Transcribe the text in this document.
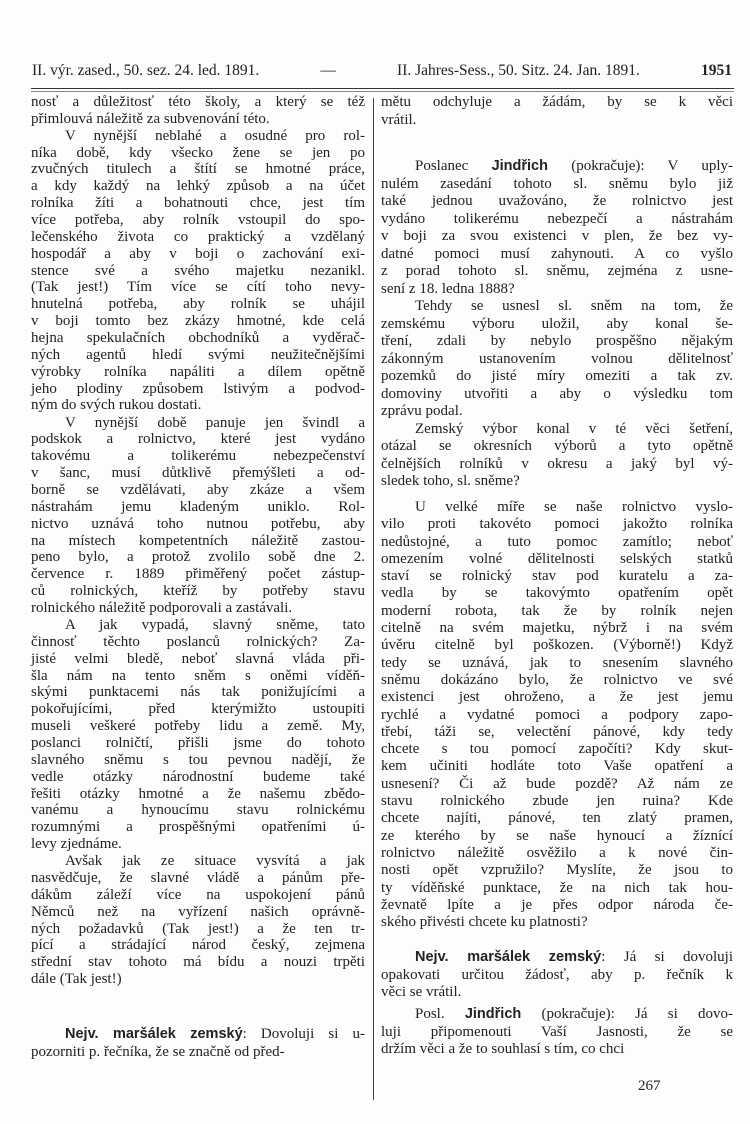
II. výr. zased., 50. sez. 24. led. 1891.	—	II. Jahres-Sess., 50. Sitz. 24. Jan. 1891.	1951
nosť a důležitosť této školy, a který se též
přimlouvá náležitě za subvenování této.
V nynější neblahé a osudné pro rol-
níka době, kdy všecko žene se jen po
zvučných titulech a štítí se hmotné práce,
a kdy každý na lehký způsob a na účet
rolníka žíti a bohatnouti chce, jest tím
více potřeba, aby rolník vstoupil do spo-
lečenského života co praktický a vzdělaný
hospodář a aby v boji o zachování exi-
stence své a svého majetku nezanikl.
(Tak jest!) Tím více se cítí toho nevy-
hnutelná potřeba, aby rolník se uhájil
v boji tomto bez zkázy hmotné, kde celá
hejna spekulačních obchodníků a vyděrač-
ných agentů hledí svými neužitečnějšími
výrobky rolníka napáliti a dílem opětně
jeho plodiny způsobem lstivým a podvod-
ným do svých rukou dostati.
V nynější době panuje jen švindl a
podskok a rolnictvo, které jest vydáno
takovému a tolikerému nebezpečenství
v šanc, musí důtklivě přemýšleti a od-
borně se vzdělávati, aby zkáze a všem
nástrahám jemu kladeným uniklo. Rol-
nictvo uznává toho nutnou potřebu, aby
na místech kompetentních náležitě zastou-
peno bylo, a protož zvolilo sobě dne 2.
července r. 1889 přiměřený počet zástup-
ců rolnických, kteříž by potřeby stavu
rolnického náležitě podporovali a zastávali.
A jak vypadá, slavný sněme, tato
činnosť těchto poslanců rolnických? Za-
jisté velmi bledě, neboť slavná vláda při-
šla nám na tento sněm s oněmi víděň-
skými punktacemi nás tak ponižujícími a
pokořujícími, před kterýmižto ustoupiti
museli veškeré potřeby lidu a země. My,
poslanci rolničtí, přišli jsme do tohoto
slavného sněmu s tou pevnou nadějí, že
vedle otázky národnostní budeme také
řešiti otázky hmotné a že našemu zbědo-
vanému a hynoucímu stavu rolnickému
rozumnými a prospěšnými opatřeními ú-
levy zjednáme.
Avšak jak ze situace vysvítá a jak
nasvědčuje, že slavné vládě a pánům pře-
dákům záleží více na uspokojení pánů
Němců než na vyřízení našich oprávně-
ných požadavků (Tak jest!) a že ten tr-
pící a strádající národ český, zejmena
střední stav tohoto má bídu a nouzi trpěti
dále (Tak jest!)
Nejv. maršálek zemský: Dovoluji si u-
pozorniti p. řečníka, že se značně od před-
mětu odchyluje a žádám, by se k věci
vrátil.
Poslanec Jindřich (pokračuje): V uply-
nulém zasedání tohoto sl. sněmu bylo již
také jednou uvažováno, že rolnictvo jest
vydáno tolikerému nebezpečí a nástrahám
v boji za svou existenci v plen, že bez vy-
datné pomoci musí zahynouti. A co vyšlo
z porad tohoto sl. sněmu, zejména z usne-
sení z 18. ledna 1888?
Tehdy se usnesl sl. sněm na tom, že
zemskému výboru uložil, aby konal še-
tření, zdali by nebylo prospěšno nějakým
zákonným ustanovením volnou dělitelnosť
pozemků do jisté míry omeziti a tak zv.
domoviny utvořiti a aby o výsledku tom
zprávu podal.
Zemský výbor konal v té věci šetření,
otázal se okresních výborů a tyto opětně
čelnějších rolníků v okresu a jaký byl vý-
sledek toho, sl. sněme?
U velké míře se naše rolnictvo vyslo-
vilo proti takovéto pomoci jakožto rolníka
nedůstojné, a tuto pomoc zamítlo; neboť
omezením volné dělitelnosti selských statků
staví se rolnický stav pod kuratelu a za-
vedla by se takovýmto opatřením opět
moderní robota, tak že by rolník nejen
citelně na svém majetku, nýbrž i na svém
úvěru citelně byl poškozen. (Výborně!) Když
tedy se uznává, jak to snesením slavného
sněmu dokázáno bylo, že rolnictvo ve své
existenci jest ohroženo, a že jest jemu
rychlé a vydatné pomoci a podpory zapo-
třebí, táži se, velectění pánové, kdy tedy
chcete s tou pomocí započíti? Kdy skut-
kem učiniti hodláte toto Vaše opatření a
usnesení? Či až bude pozdě? Až nám ze
stavu rolnického zbude jen ruina? Kde
chcete najíti, pánové, ten zlatý pramen,
ze kterého by se naše hynoucí a žíznící
rolnictvo náležitě osvěžilo a k nové čin-
nosti opět vzpružilo? Myslíte, že jsou to
ty víděňské punktace, že na nich tak hou-
ževnatě lpíte a je přes odpor národa če-
ského přivésti chcete ku platnosti?
Nejv. maršálek zemský: Já si dovoluji
opakovati určitou žádosť, aby p. řečník k
věci se vrátil.
Posl. Jindřich (pokračuje): Já si dovo-
luji připomenouti Vaší Jasnosti, že se
držím věci a že to souhlasí s tím, co chci
267
